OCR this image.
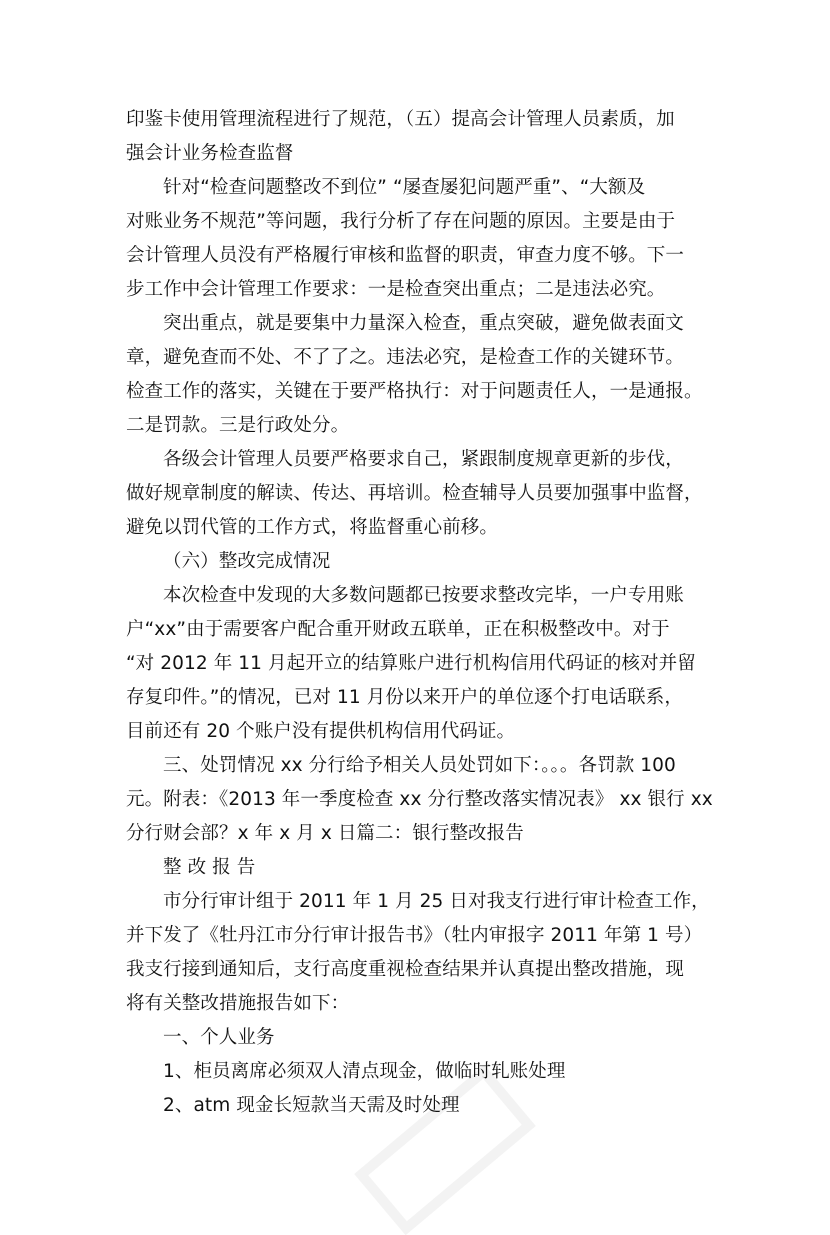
印鉴卡使用管理流程进行了规范，（五）提高会计管理人员素质，加
强会计业务检查监督
针对“检查问题整改不到位” “屡查屡犯问题严重”、“大额及
对账业务不规范”等问题，我行分析了存在问题的原因。主要是由于
会计管理人员没有严格履行审核和监督的职责，审查力度不够。下一
步工作中会计管理工作要求：一是检查突出重点；二是违法必究。
突出重点，就是要集中力量深入检查，重点突破，避免做表面文
章，避免查而不处、不了了之。违法必究，是检查工作的关键环节。
检查工作的落实，关键在于要严格执行：对于问题责任人，一是通报。
二是罚款。三是行政处分。
各级会计管理人员要严格要求自己，紧跟制度规章更新的步伐，
做好规章制度的解读、传达、再培训。检查辅导人员要加强事中监督，
避免以罚代管的工作方式，将监督重心前移。
（六）整改完成情况
本次检查中发现的大多数问题都已按要求整改完毕，一户专用账
户“xx”由于需要客户配合重开财政五联单，正在积极整改中。对于
“对 2012 年 11 月起开立的结算账户进行机构信用代码证的核对并留
存复印件。”的情况，已对 11 月份以来开户的单位逐个打电话联系，
目前还有 20 个账户没有提供机构信用代码证。
三、处罚情况 xx 分行给予相关人员处罚如下：。。。各罚款 100
元。附表：《2013 年一季度检查 xx 分行整改落实情况表》 xx 银行 xx
分行财会部？x 年 x 月 x 日篇二：银行整改报告
整 改 报 告
市分行审计组于 2011 年 1 月 25 日对我支行进行审计检查工作，
并下发了《牡丹江市分行审计报告书》（牡内审报字 2011 年第 1 号）
我支行接到通知后，支行高度重视检查结果并认真提出整改措施，现
将有关整改措施报告如下：
一、个人业务
1、柜员离席必须双人清点现金，做临时轧账处理
2、atm 现金长短款当天需及时处理
